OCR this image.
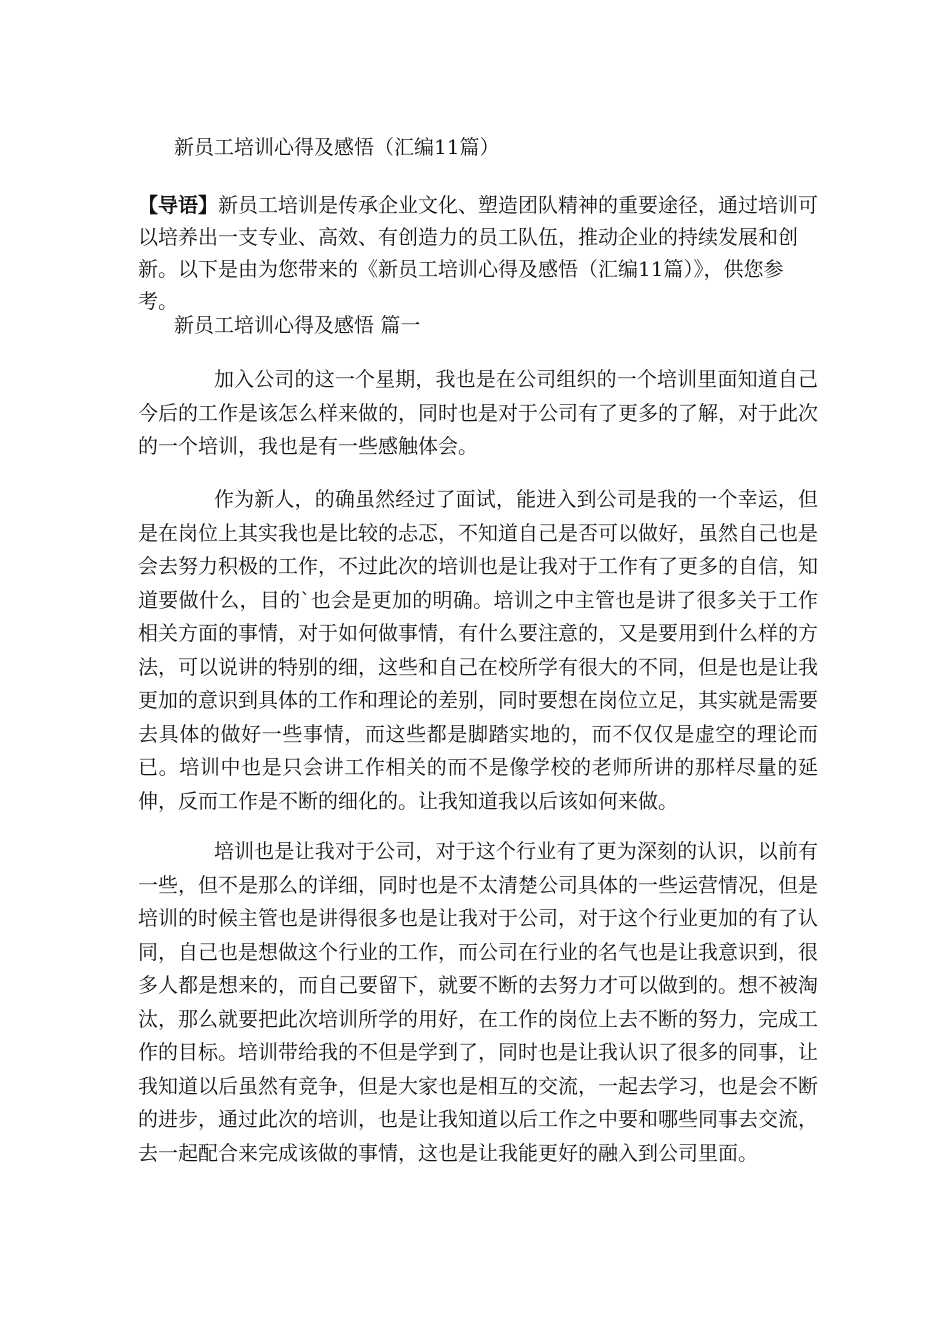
新员工培训心得及感悟（汇编11篇）

【导语】新员工培训是传承企业文化、塑造团队精神的重要途径，通过培训可以培养出一支专业、高效、有创造力的员工队伍，推动企业的持续发展和创新。以下是由为您带来的《新员工培训心得及感悟（汇编11篇）》，供您参考。

新员工培训心得及感悟 篇一

加入公司的这一个星期，我也是在公司组织的一个培训里面知道自己今后的工作是该怎么样来做的，同时也是对于公司有了更多的了解，对于此次的一个培训，我也是有一些感触体会。

作为新人，的确虽然经过了面试，能进入到公司是我的一个幸运，但是在岗位上其实我也是比较的忐忑，不知道自己是否可以做好，虽然自己也是会去努力积极的工作，不过此次的培训也是让我对于工作有了更多的自信，知道要做什么，目的`也会是更加的明确。培训之中主管也是讲了很多关于工作相关方面的事情，对于如何做事情，有什么要注意的，又是要用到什么样的方法，可以说讲的特别的细，这些和自己在校所学有很大的不同，但是也是让我更加的意识到具体的工作和理论的差别，同时要想在岗位立足，其实就是需要去具体的做好一些事情，而这些都是脚踏实地的，而不仅仅是虚空的理论而已。培训中也是只会讲工作相关的而不是像学校的老师所讲的那样尽量的延伸，反而工作是不断的细化的。让我知道我以后该如何来做。

培训也是让我对于公司，对于这个行业有了更为深刻的认识，以前有一些，但不是那么的详细，同时也是不太清楚公司具体的一些运营情况，但是培训的时候主管也是讲得很多也是让我对于公司，对于这个行业更加的有了认同，自己也是想做这个行业的工作，而公司在行业的名气也是让我意识到，很多人都是想来的，而自己要留下，就要不断的去努力才可以做到的。想不被淘汰，那么就要把此次培训所学的用好，在工作的岗位上去不断的努力，完成工作的目标。培训带给我的不但是学到了，同时也是让我认识了很多的同事，让我知道以后虽然有竞争，但是大家也是相互的交流，一起去学习，也是会不断的进步，通过此次的培训，也是让我知道以后工作之中要和哪些同事去交流，去一起配合来完成该做的事情，这也是让我能更好的融入到公司里面。
